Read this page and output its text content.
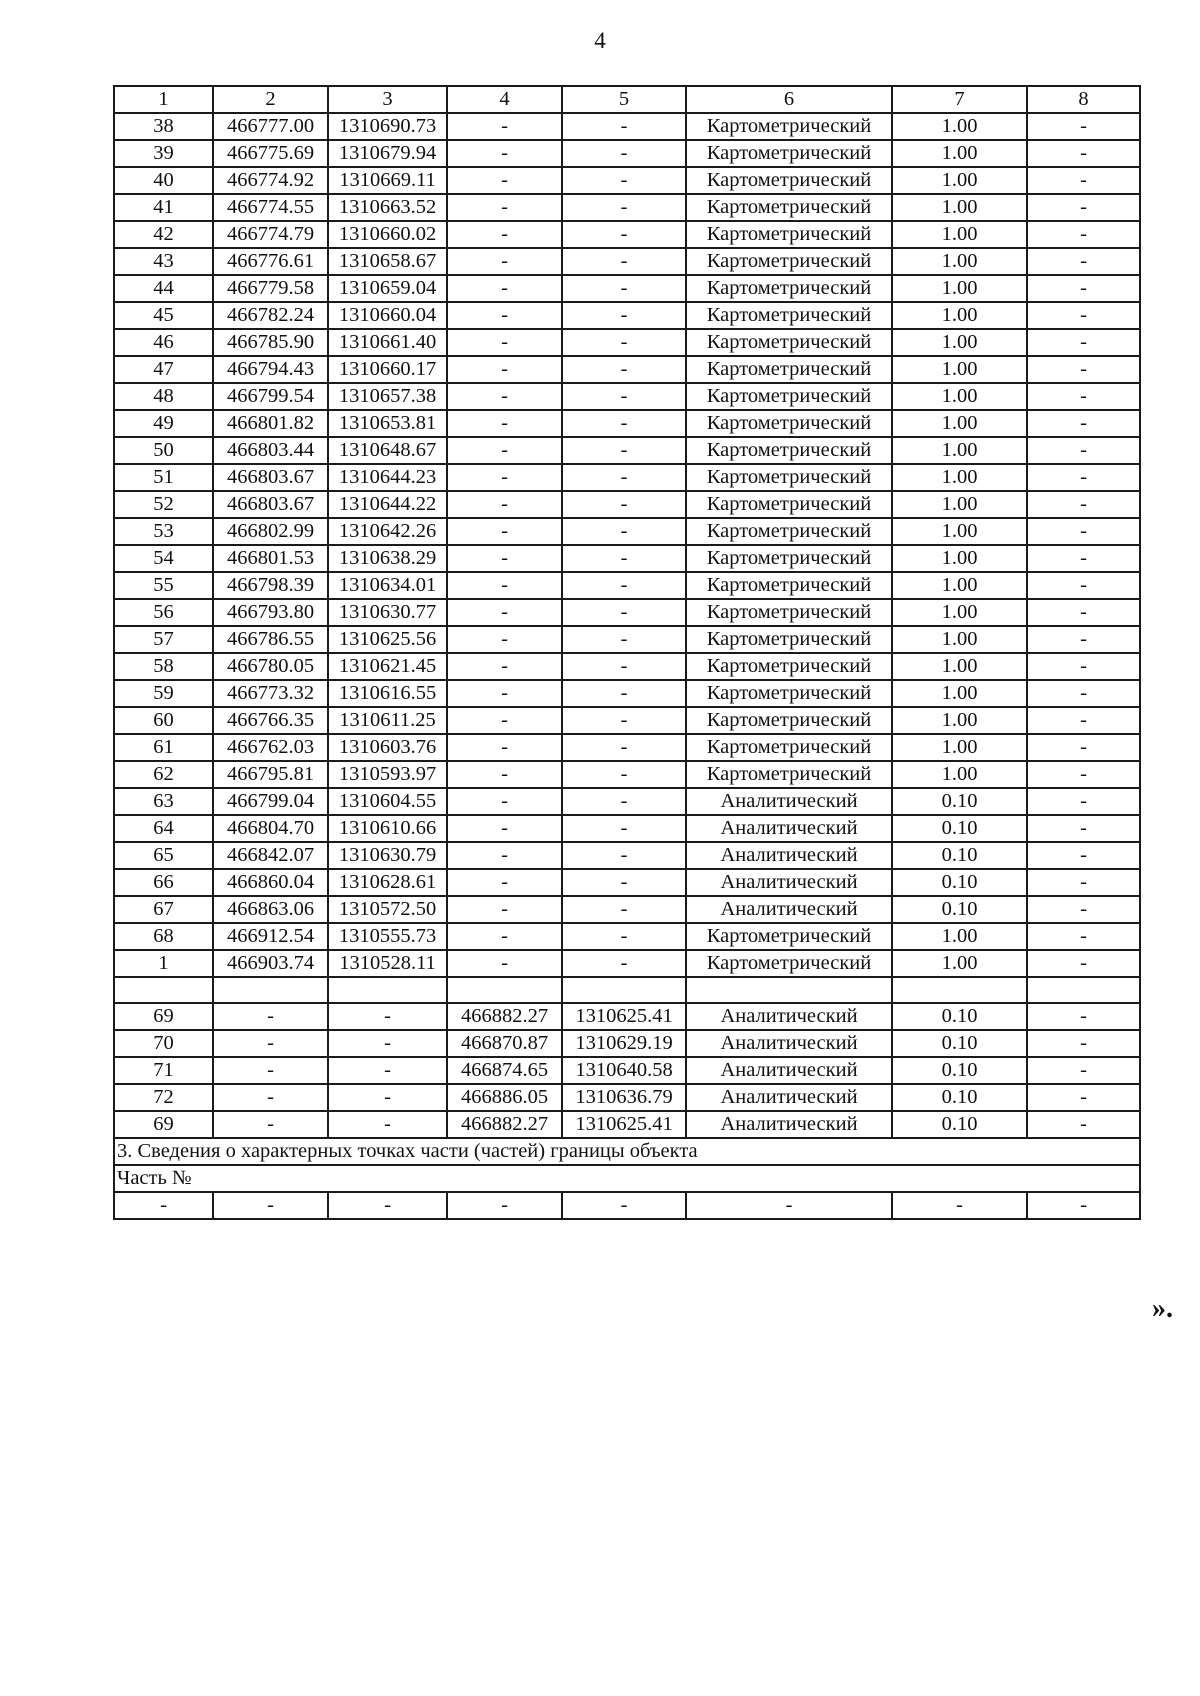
4
1	2	3	4	5	6	7	8
38	466777.00	1310690.73	-	-	Картометрический	1.00	-
39	466775.69	1310679.94	-	-	Картометрический	1.00	-
40	466774.92	1310669.11	-	-	Картометрический	1.00	-
41	466774.55	1310663.52	-	-	Картометрический	1.00	-
42	466774.79	1310660.02	-	-	Картометрический	1.00	-
43	466776.61	1310658.67	-	-	Картометрический	1.00	-
44	466779.58	1310659.04	-	-	Картометрический	1.00	-
45	466782.24	1310660.04	-	-	Картометрический	1.00	-
46	466785.90	1310661.40	-	-	Картометрический	1.00	-
47	466794.43	1310660.17	-	-	Картометрический	1.00	-
48	466799.54	1310657.38	-	-	Картометрический	1.00	-
49	466801.82	1310653.81	-	-	Картометрический	1.00	-
50	466803.44	1310648.67	-	-	Картометрический	1.00	-
51	466803.67	1310644.23	-	-	Картометрический	1.00	-
52	466803.67	1310644.22	-	-	Картометрический	1.00	-
53	466802.99	1310642.26	-	-	Картометрический	1.00	-
54	466801.53	1310638.29	-	-	Картометрический	1.00	-
55	466798.39	1310634.01	-	-	Картометрический	1.00	-
56	466793.80	1310630.77	-	-	Картометрический	1.00	-
57	466786.55	1310625.56	-	-	Картометрический	1.00	-
58	466780.05	1310621.45	-	-	Картометрический	1.00	-
59	466773.32	1310616.55	-	-	Картометрический	1.00	-
60	466766.35	1310611.25	-	-	Картометрический	1.00	-
61	466762.03	1310603.76	-	-	Картометрический	1.00	-
62	466795.81	1310593.97	-	-	Картометрический	1.00	-
63	466799.04	1310604.55	-	-	Аналитический	0.10	-
64	466804.70	1310610.66	-	-	Аналитический	0.10	-
65	466842.07	1310630.79	-	-	Аналитический	0.10	-
66	466860.04	1310628.61	-	-	Аналитический	0.10	-
67	466863.06	1310572.50	-	-	Аналитический	0.10	-
68	466912.54	1310555.73	-	-	Картометрический	1.00	-
1	466903.74	1310528.11	-	-	Картометрический	1.00	-

69	-	-	466882.27	1310625.41	Аналитический	0.10	-
70	-	-	466870.87	1310629.19	Аналитический	0.10	-
71	-	-	466874.65	1310640.58	Аналитический	0.10	-
72	-	-	466886.05	1310636.79	Аналитический	0.10	-
69	-	-	466882.27	1310625.41	Аналитический	0.10	-
3. Сведения о характерных точках части (частей) границы объекта							
Часть №							
-	-	-	-	-	-	-	-
».
